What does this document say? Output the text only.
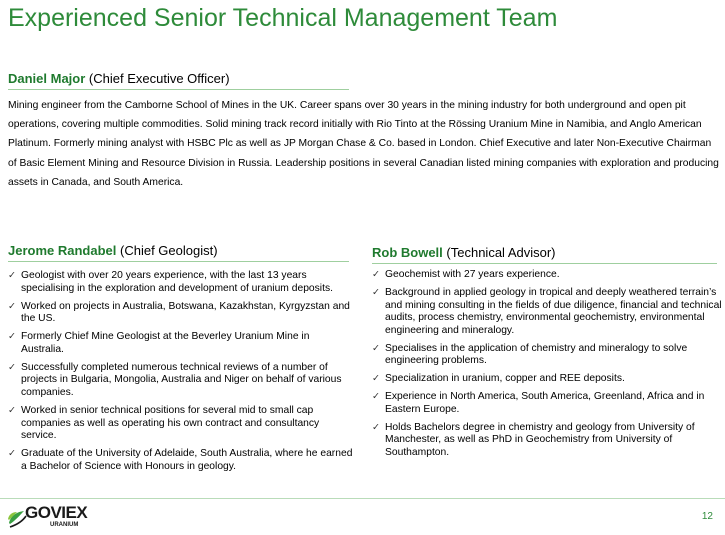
Experienced Senior Technical Management Team
Daniel Major (Chief Executive Officer)

Mining engineer from the Camborne School of Mines in the UK. Career spans over 30 years in the mining industry for both underground and open pit operations, covering multiple commodities. Solid mining track record initially with Rio Tinto at the Rössing Uranium Mine in Namibia, and Anglo American Platinum. Formerly mining analyst with HSBC Plc as well as JP Morgan Chase & Co. based in London. Chief Executive and later Non-Executive Chairman of Basic Element Mining and Resource Division in Russia. Leadership positions in several Canadian listed mining companies with exploration and producing assets in Canada, and South America.

Jerome Randabel (Chief Geologist)
✓ Geologist with over 20 years experience, with the last 13 years specialising in the exploration and development of uranium deposits.
✓ Worked on projects in Australia, Botswana, Kazakhstan, Kyrgyzstan and the US.
✓ Formerly Chief Mine Geologist at the Beverley Uranium Mine in Australia.
✓ Successfully completed numerous technical reviews of a number of projects in Bulgaria, Mongolia, Australia and Niger on behalf of various companies.
✓ Worked in senior technical positions for several mid to small cap companies as well as operating his own contract and consultancy service.
✓ Graduate of the University of Adelaide, South Australia, where he earned a Bachelor of Science with Honours in geology.
Rob Bowell (Technical Advisor)
✓ Geochemist with 27 years experience.
✓ Background in applied geology in tropical and deeply weathered terrain’s and mining consulting in the fields of due diligence, financial and technical audits, process chemistry, environmental geochemistry, environmental engineering and mineralogy.
✓ Specialises in the application of chemistry and mineralogy to solve engineering problems.
✓ Specialization in uranium, copper and REE deposits.
✓ Experience in North America, South America, Greenland, Africa and in Eastern Europe.
✓ Holds Bachelors degree in chemistry and geology from University of Manchester, as well as PhD in Geochemistry from University of Southampton.
GOVIEX
URANIUM
12
